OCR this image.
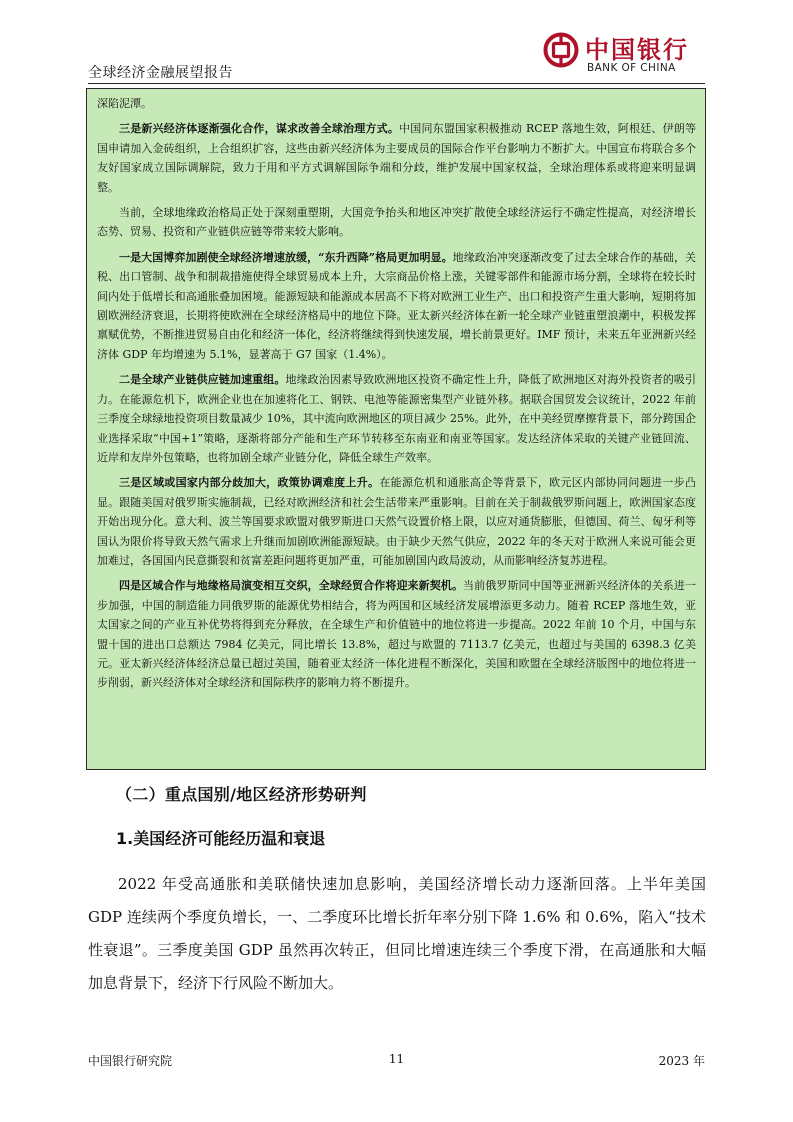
全球经济金融展望报告
中国银行
BANK OF CHINA

深陷泥潭。

三是新兴经济体逐渐强化合作，谋求改善全球治理方式。中国同东盟国家积极推动 RCEP 落地生效，阿根廷、伊朗等国申请加入金砖组织，上合组织扩容，这些由新兴经济体为主要成员的国际合作平台影响力不断扩大。中国宣布将联合多个友好国家成立国际调解院，致力于用和平方式调解国际争端和分歧，维护发展中国家权益，全球治理体系或将迎来明显调整。

当前，全球地缘政治格局正处于深刻重塑期，大国竞争抬头和地区冲突扩散使全球经济运行不确定性提高，对经济增长态势、贸易、投资和产业链供应链等带来较大影响。

一是大国博弈加剧使全球经济增速放缓，“东升西降”格局更加明显。地缘政治冲突逐渐改变了过去全球合作的基础，关税、出口管制、战争和制裁措施使得全球贸易成本上升，大宗商品价格上涨，关键零部件和能源市场分割，全球将在较长时间内处于低增长和高通胀叠加困境。能源短缺和能源成本居高不下将对欧洲工业生产、出口和投资产生重大影响，短期将加剧欧洲经济衰退，长期将使欧洲在全球经济格局中的地位下降。亚太新兴经济体在新一轮全球产业链重塑浪潮中，积极发挥禀赋优势，不断推进贸易自由化和经济一体化，经济将继续得到快速发展，增长前景更好。IMF 预计，未来五年亚洲新兴经济体 GDP 年均增速为 5.1%，显著高于 G7 国家（1.4%）。

二是全球产业链供应链加速重组。地缘政治因素导致欧洲地区投资不确定性上升，降低了欧洲地区对海外投资者的吸引力。在能源危机下，欧洲企业也在加速将化工、钢铁、电池等能源密集型产业链外移。据联合国贸发会议统计，2022 年前三季度全球绿地投资项目数量减少 10%，其中流向欧洲地区的项目减少 25%。此外，在中美经贸摩擦背景下，部分跨国企业选择采取“中国+1”策略，逐渐将部分产能和生产环节转移至东南亚和南亚等国家。发达经济体采取的关键产业链回流、近岸和友岸外包策略，也将加剧全球产业链分化，降低全球生产效率。

三是区域或国家内部分歧加大，政策协调难度上升。在能源危机和通胀高企等背景下，欧元区内部协同问题进一步凸显。跟随美国对俄罗斯实施制裁，已经对欧洲经济和社会生活带来严重影响。目前在关于制裁俄罗斯问题上，欧洲国家态度开始出现分化。意大利、波兰等国要求欧盟对俄罗斯进口天然气设置价格上限，以应对通货膨胀，但德国、荷兰、匈牙利等国认为限价将导致天然气需求上升继而加剧欧洲能源短缺。由于缺少天然气供应，2022 年的冬天对于欧洲人来说可能会更加难过，各国国内民意撕裂和贫富差距问题将更加严重，可能加剧国内政局波动，从而影响经济复苏进程。

四是区域合作与地缘格局演变相互交织，全球经贸合作将迎来新契机。当前俄罗斯同中国等亚洲新兴经济体的关系进一步加强，中国的制造能力同俄罗斯的能源优势相结合，将为两国和区域经济发展增添更多动力。随着 RCEP 落地生效，亚太国家之间的产业互补优势将得到充分释放，在全球生产和价值链中的地位将进一步提高。2022 年前 10 个月，中国与东盟十国的进出口总额达 7984 亿美元，同比增长 13.8%，超过与欧盟的 7113.7 亿美元，也超过与美国的 6398.3 亿美元。亚太新兴经济体经济总量已超过美国，随着亚太经济一体化进程不断深化，美国和欧盟在全球经济版图中的地位将进一步削弱，新兴经济体对全球经济和国际秩序的影响力将不断提升。

（二）重点国别/地区经济形势研判
1.美国经济可能经历温和衰退

2022 年受高通胀和美联储快速加息影响，美国经济增长动力逐渐回落。上半年美国 GDP 连续两个季度负增长，一、二季度环比增长折年率分别下降 1.6% 和 0.6%，陷入“技术性衰退”。三季度美国 GDP 虽然再次转正，但同比增速连续三个季度下滑，在高通胀和大幅加息背景下，经济下行风险不断加大。

中国银行研究院	11	2023 年
